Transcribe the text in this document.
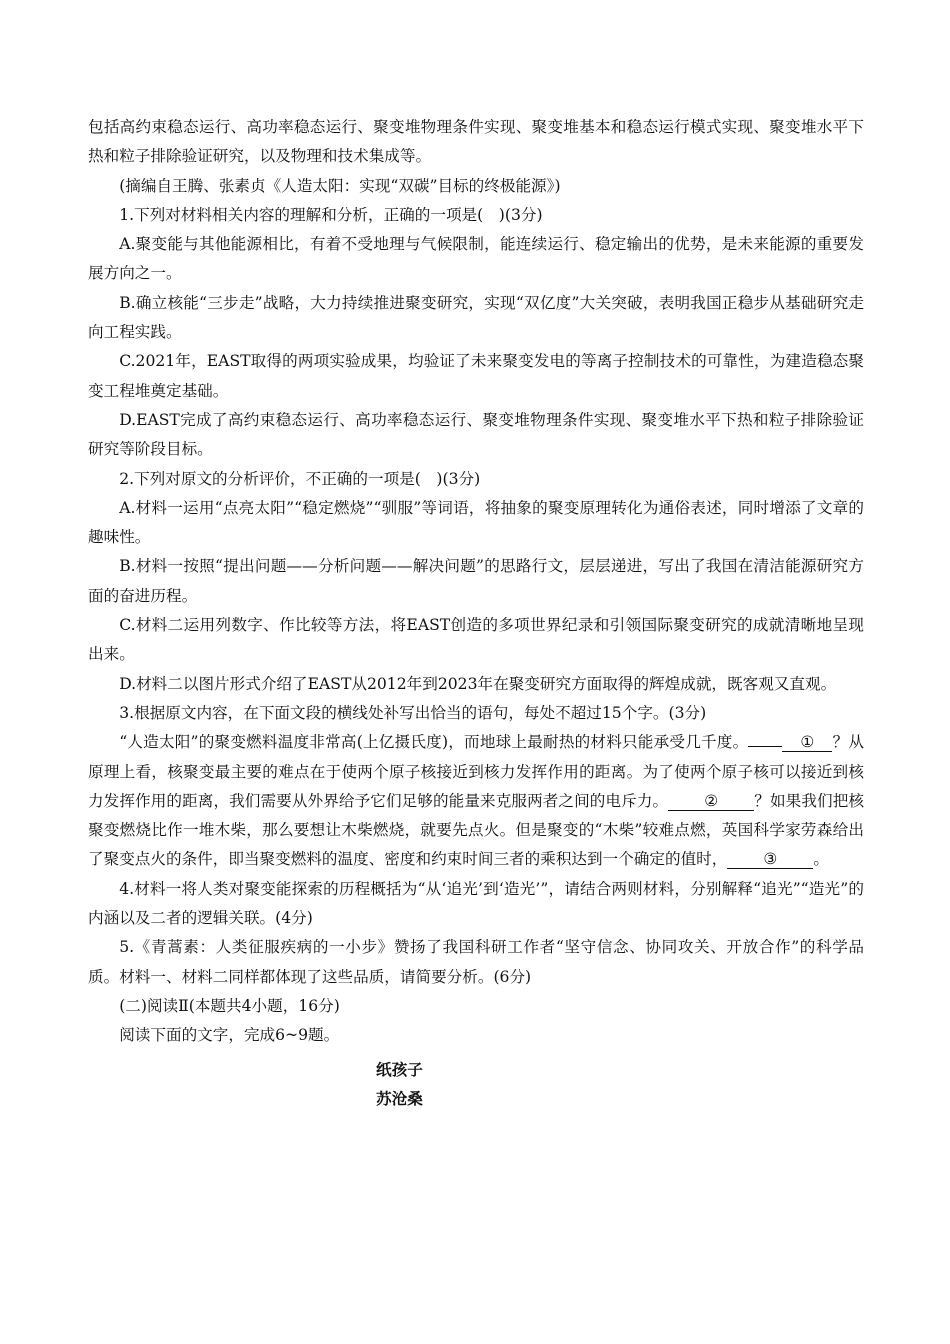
包括高约束稳态运行、高功率稳态运行、聚变堆物理条件实现、聚变堆基本和稳态运行模式实现、聚变堆水平下热和粒子排除验证研究，以及物理和技术集成等。

(摘编自王腾、张素贞《人造太阳：实现“双碳”目标的终极能源》)

1.下列对材料相关内容的理解和分析，正确的一项是(　)(3分)

A.聚变能与其他能源相比，有着不受地理与气候限制，能连续运行、稳定输出的优势，是未来能源的重要发展方向之一。

B.确立核能“三步走”战略，大力持续推进聚变研究，实现“双亿度”大关突破，表明我国正稳步从基础研究走向工程实践。

C.2021年，EAST取得的两项实验成果，均验证了未来聚变发电的等离子控制技术的可靠性，为建造稳态聚变工程堆奠定基础。

D.EAST完成了高约束稳态运行、高功率稳态运行、聚变堆物理条件实现、聚变堆水平下热和粒子排除验证研究等阶段目标。

2.下列对原文的分析评价，不正确的一项是(　)(3分)

A.材料一运用“点亮太阳”“稳定燃烧”“驯服”等词语，将抽象的聚变原理转化为通俗表述，同时增添了文章的趣味性。

B.材料一按照“提出问题——分析问题——解决问题”的思路行文，层层递进，写出了我国在清洁能源研究方面的奋进历程。

C.材料二运用列数字、作比较等方法，将EAST创造的多项世界纪录和引领国际聚变研究的成就清晰地呈现出来。

D.材料二以图片形式介绍了EAST从2012年到2023年在聚变研究方面取得的辉煌成就，既客观又直观。

3.根据原文内容，在下面文段的横线处补写出恰当的语句，每处不超过15个字。(3分)

“人造太阳”的聚变燃料温度非常高(上亿摄氏度)，而地球上最耐热的材料只能承受几千度。	① ？从原理上看，核聚变最主要的难点在于使两个原子核接近到核力发挥作用的距离。为了使两个原子核可以接近到核力发挥作用的距离，我们需要从外界给予它们足够的能量来克服两者之间的电斥力。 ② ？如果我们把核聚变燃烧比作一堆木柴，那么要想让木柴燃烧，就要先点火。但是聚变的“木柴”较难点燃，英国科学家劳森给出了聚变点火的条件，即当聚变燃料的温度、密度和约束时间三者的乘积达到一个确定的值时， ③ 。

4.材料一将人类对聚变能探索的历程概括为“从‘追光’到‘造光’”，请结合两则材料，分别解释“追光”“造光”的内涵以及二者的逻辑关联。(4分)

5.《青蒿素：人类征服疾病的一小步》赞扬了我国科研工作者“坚守信念、协同攻关、开放合作”的科学品质。材料一、材料二同样都体现了这些品质，请简要分析。(6分)

(二)阅读Ⅱ(本题共4小题，16分)

阅读下面的文字，完成6~9题。

纸孩子
苏沧桑
